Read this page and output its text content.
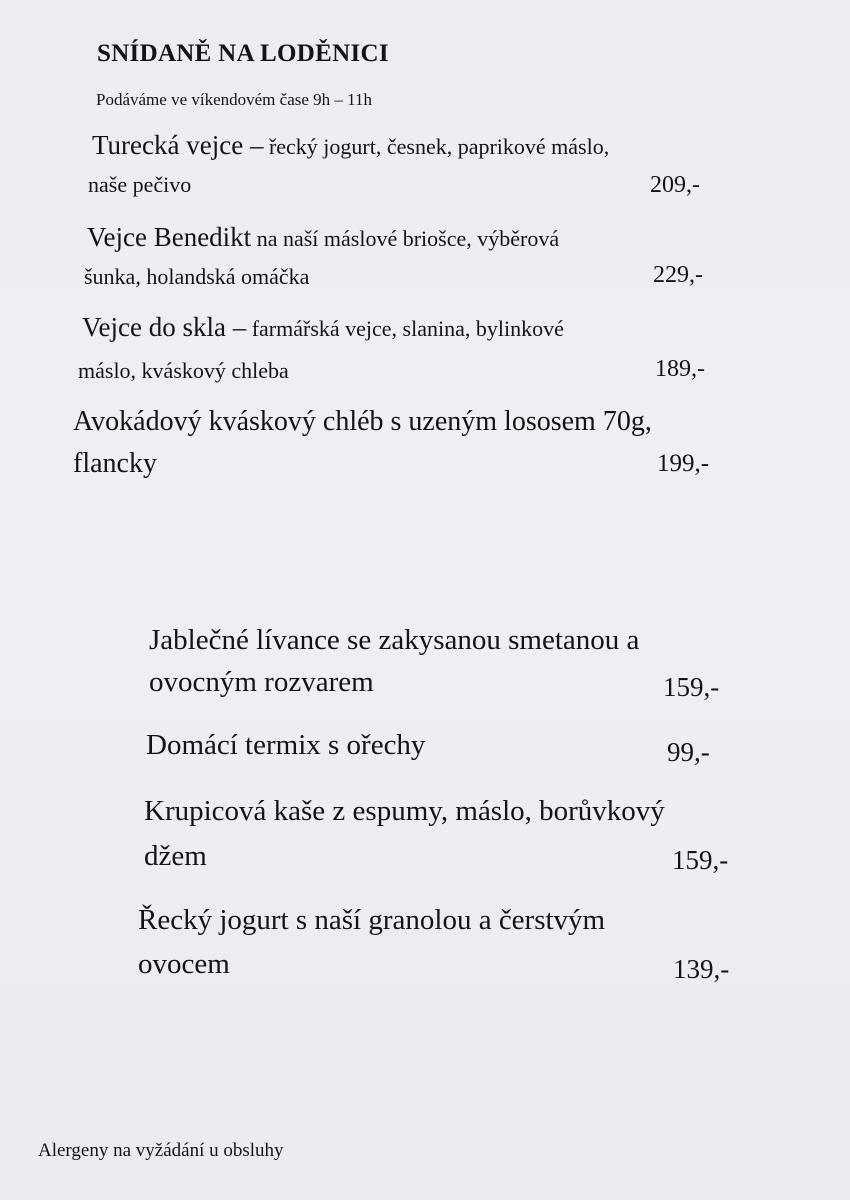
SNÍDANĚ NA LODĚNICI

Podáváme ve víkendovém čase 9h – 11h

Turecká vejce – řecký jogurt, česnek, paprikové máslo,
naše pečivo	209,-
Vejce Benedikt na naší máslové briošce, výběrová
šunka, holandská omáčka	229,-
Vejce do skla – farmářská vejce, slanina, bylinkové
máslo, kváskový chleba	189,-
Avokádový kváskový chléb s uzeným lososem 70g,
flancky	199,-
Jablečné lívance se zakysanou smetanou a
ovocným rozvarem	159,-
Domácí termix s ořechy	99,-
Krupicová kaše z espumy, máslo, borůvkový
džem	159,-
Řecký jogurt s naší granolou a čerstvým
ovocem	139,-

Alergeny na vyžádání u obsluhy
